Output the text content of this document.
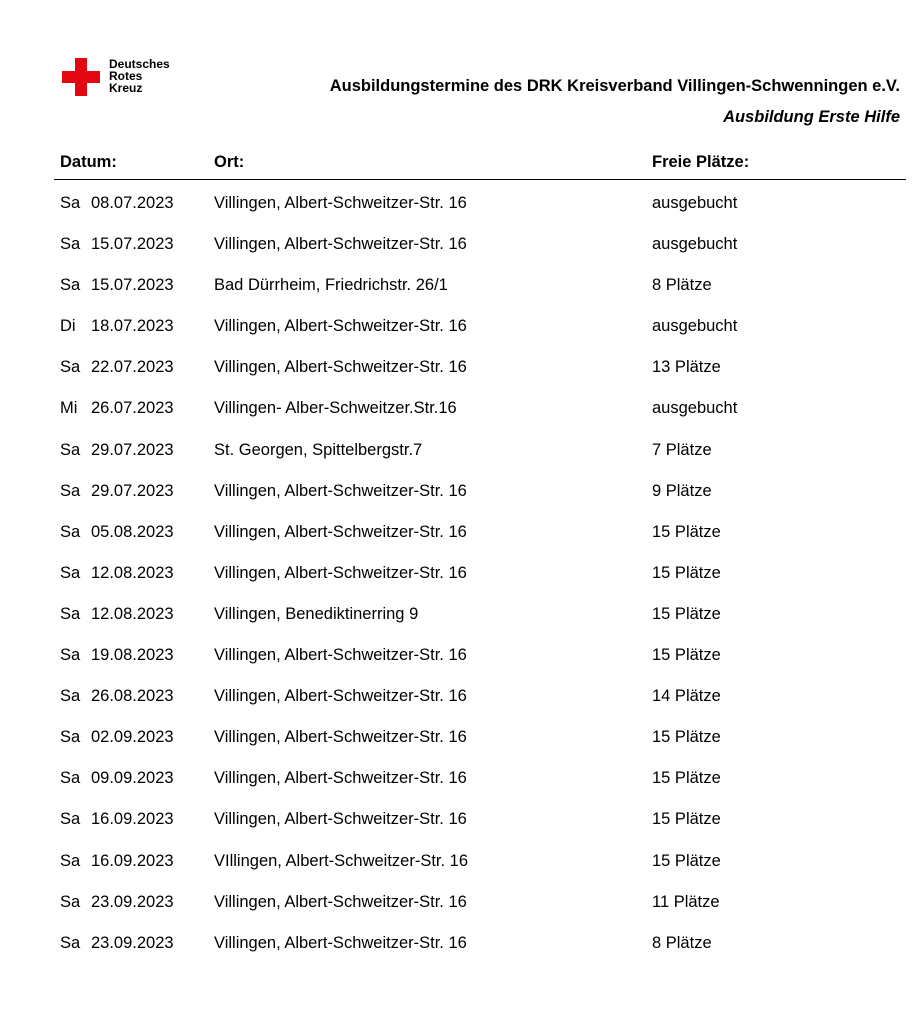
Deutsches
Rotes
Kreuz	Ausbildungstermine des DRK Kreisverband Villingen-Schwenningen e.V.
Ausbildung Erste Hilfe
Datum:	Ort:	Freie Plätze:
Sa 08.07.2023 Villingen, Albert-Schweitzer-Str. 16	ausgebucht
Sa 15.07.2023 Villingen, Albert-Schweitzer-Str. 16	ausgebucht
Sa 15.07.2023 Bad Dürrheim, Friedrichstr. 26/1	8 Plätze
Di 18.07.2023 Villingen, Albert-Schweitzer-Str. 16	ausgebucht
Sa 22.07.2023 Villingen, Albert-Schweitzer-Str. 16	13 Plätze
Mi 26.07.2023 Villingen- Alber-Schweitzer.Str.16	ausgebucht
Sa 29.07.2023 St. Georgen, Spittelbergstr.7	7 Plätze
Sa 29.07.2023 Villingen, Albert-Schweitzer-Str. 16	9 Plätze
Sa 05.08.2023 Villingen, Albert-Schweitzer-Str. 16	15 Plätze
Sa 12.08.2023 Villingen, Albert-Schweitzer-Str. 16	15 Plätze
Sa 12.08.2023 Villingen, Benediktinerring 9	15 Plätze
Sa 19.08.2023 Villingen, Albert-Schweitzer-Str. 16	15 Plätze
Sa 26.08.2023 Villingen, Albert-Schweitzer-Str. 16	14 Plätze
Sa 02.09.2023 Villingen, Albert-Schweitzer-Str. 16	15 Plätze
Sa 09.09.2023 Villingen, Albert-Schweitzer-Str. 16	15 Plätze
Sa 16.09.2023 Villingen, Albert-Schweitzer-Str. 16	15 Plätze
Sa 16.09.2023 VIllingen, Albert-Schweitzer-Str. 16	15 Plätze
Sa 23.09.2023 Villingen, Albert-Schweitzer-Str. 16	11 Plätze
Sa 23.09.2023 Villingen, Albert-Schweitzer-Str. 16	8 Plätze
